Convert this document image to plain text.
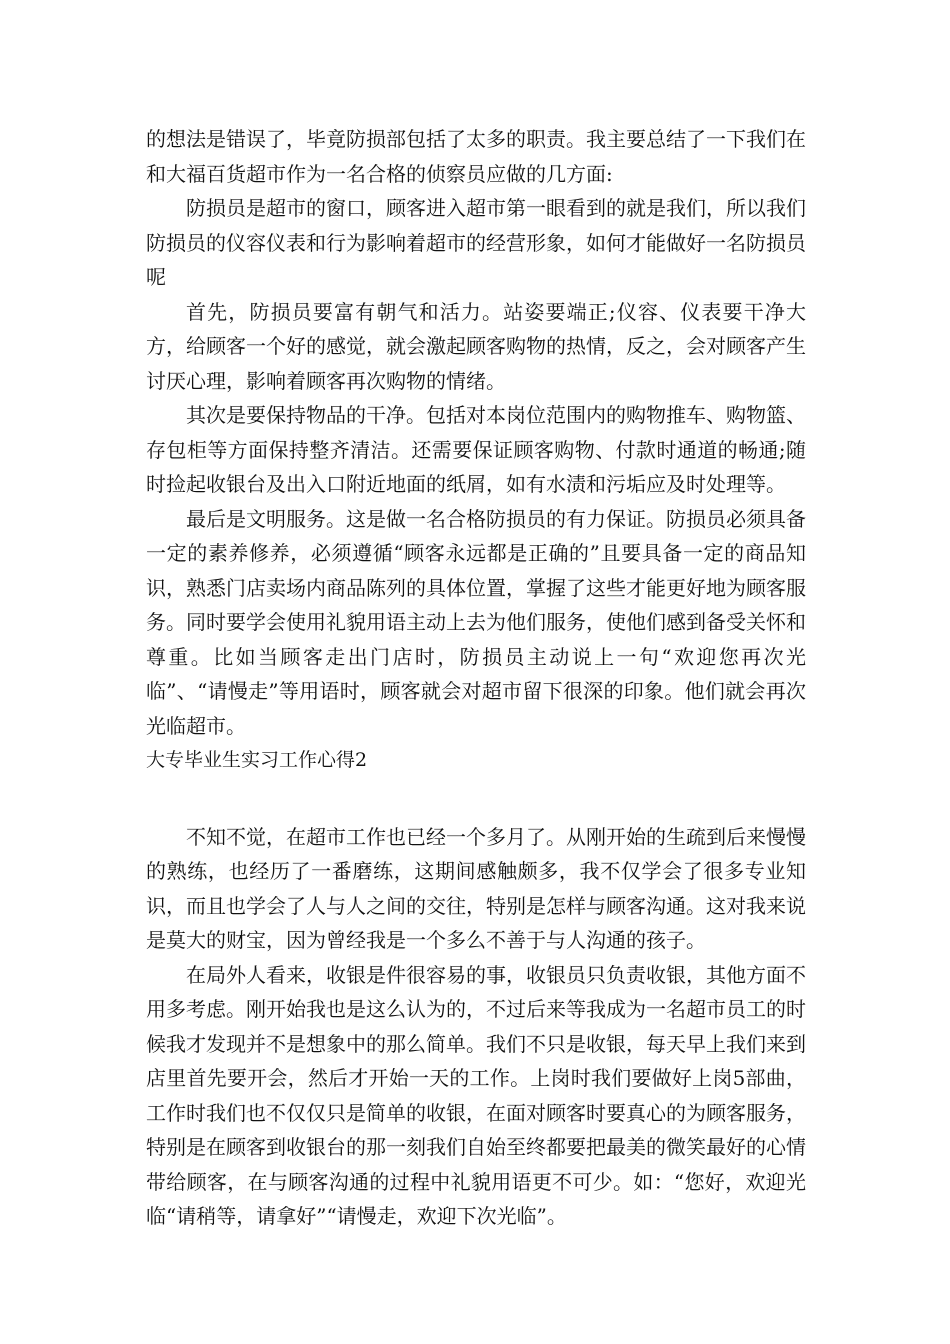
的想法是错误了，毕竟防损部包括了太多的职责。我主要总结了一下我们在和大福百货超市作为一名合格的侦察员应做的几方面:

防损员是超市的窗口，顾客进入超市第一眼看到的就是我们，所以我们防损员的仪容仪表和行为影响着超市的经营形象，如何才能做好一名防损员呢

首先，防损员要富有朝气和活力。站姿要端正;仪容、仪表要干净大方，给顾客一个好的感觉，就会激起顾客购物的热情，反之，会对顾客产生讨厌心理，影响着顾客再次购物的情绪。

其次是要保持物品的干净。包括对本岗位范围内的购物推车、购物篮、存包柜等方面保持整齐清洁。还需要保证顾客购物、付款时通道的畅通;随时捡起收银台及出入口附近地面的纸屑，如有水渍和污垢应及时处理等。

最后是文明服务。这是做一名合格防损员的有力保证。防损员必须具备一定的素养修养，必须遵循“顾客永远都是正确的”且要具备一定的商品知识，熟悉门店卖场内商品陈列的具体位置，掌握了这些才能更好地为顾客服务。同时要学会使用礼貌用语主动上去为他们服务，使他们感到备受关怀和尊重。比如当顾客走出门店时，防损员主动说上一句“欢迎您再次光临”、“请慢走”等用语时，顾客就会对超市留下很深的印象。他们就会再次光临超市。

大专毕业生实习工作心得2

不知不觉，在超市工作也已经一个多月了。从刚开始的生疏到后来慢慢的熟练，也经历了一番磨练，这期间感触颇多，我不仅学会了很多专业知识，而且也学会了人与人之间的交往，特别是怎样与顾客沟通。这对我来说是莫大的财宝，因为曾经我是一个多么不善于与人沟通的孩子。

在局外人看来，收银是件很容易的事，收银员只负责收银，其他方面不用多考虑。刚开始我也是这么认为的，不过后来等我成为一名超市员工的时候我才发现并不是想象中的那么简单。我们不只是收银，每天早上我们来到店里首先要开会，然后才开始一天的工作。上岗时我们要做好上岗5部曲，工作时我们也不仅仅只是简单的收银，在面对顾客时要真心的为顾客服务，特别是在顾客到收银台的那一刻我们自始至终都要把最美的微笑最好的心情带给顾客，在与顾客沟通的过程中礼貌用语更不可少。如：“您好，欢迎光临“请稍等，请拿好”“请慢走，欢迎下次光临”。
